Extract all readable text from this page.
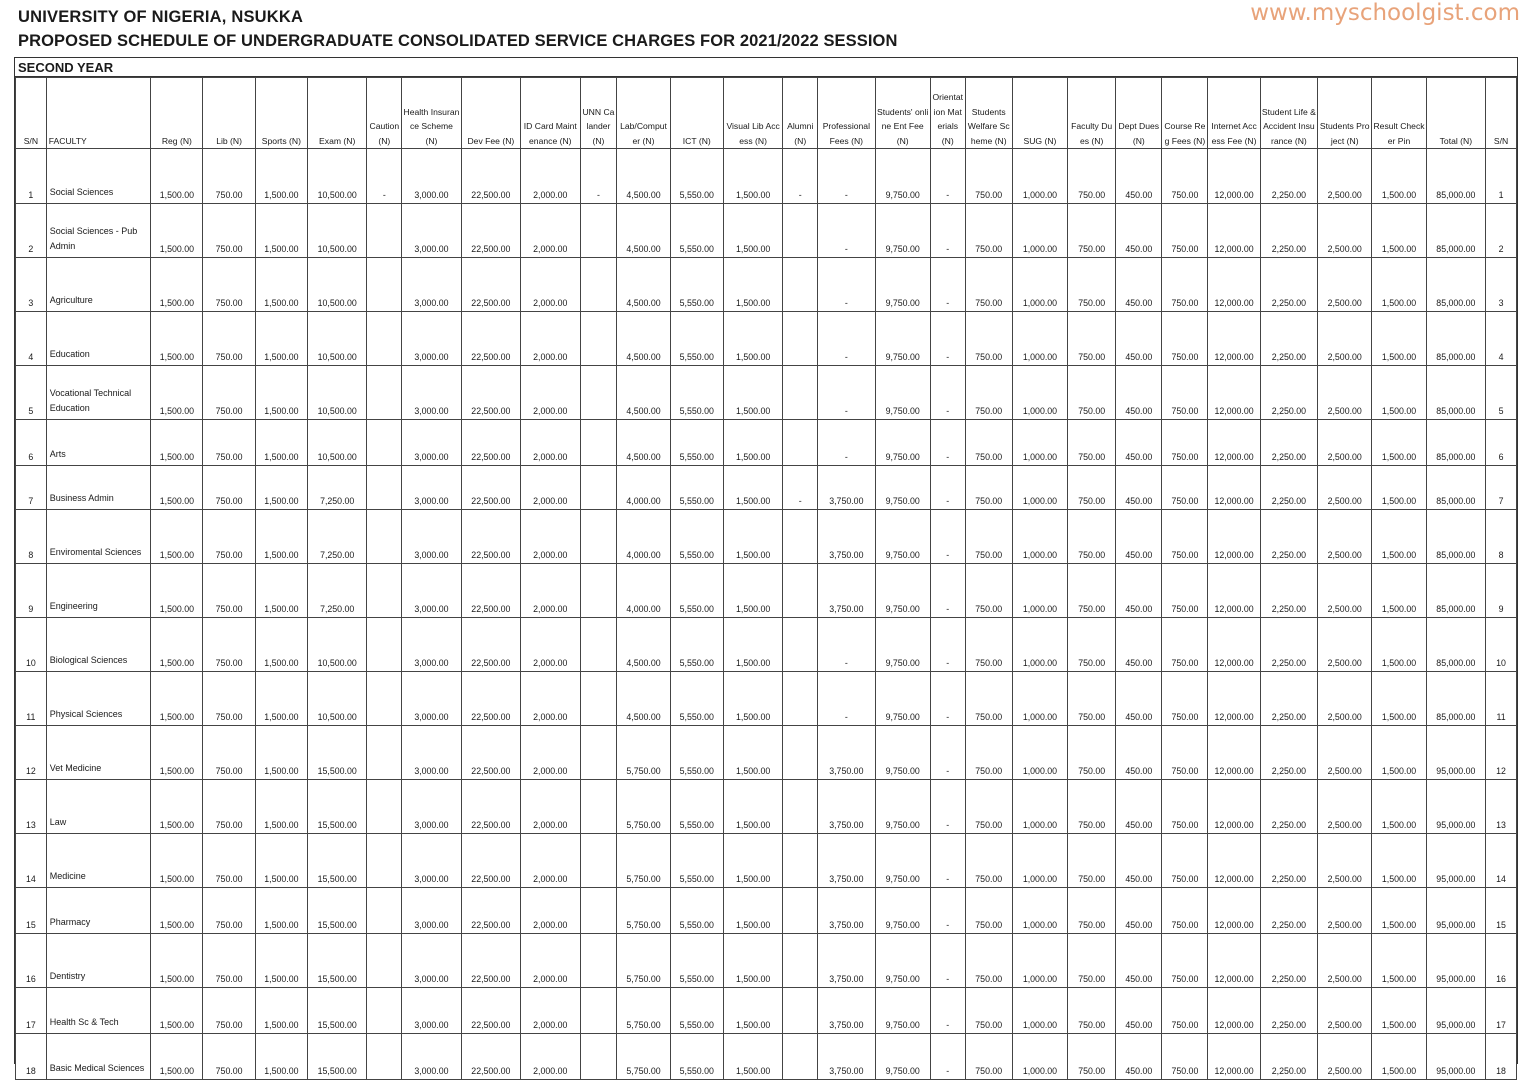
UNIVERSITY OF NIGERIA, NSUKKA
PROPOSED SCHEDULE OF UNDERGRADUATE CONSOLIDATED SERVICE CHARGES FOR 2021/2022 SESSION
www.myschoolgist.com
SECOND YEAR
S/N	FACULTY	Reg (N)	Lib (N)	Sports (N)	Exam (N)	Caution (N)	Health Insurance Scheme (N)	Dev Fee (N)	ID Card Maintenance (N)	UNN Calander (N)	Lab/Computer (N)	ICT (N)	Visual Lib Access (N)	Alumni (N)	Professional Fees (N)	Students' online Ent Fee (N)	Orientation Materials (N)	Students Welfare Scheme (N)	SUG (N)	Faculty Dues (N)	Dept Dues (N)	Course Reg Fees (N)	Internet Access Fee (N)	Student Life & Accident Insurance (N)	Students Project (N)	Result Checker Pin	Total (N)	S/N
1	Social Sciences	1,500.00	750.00	1,500.00	10,500.00	-	3,000.00	22,500.00	2,000.00	-	4,500.00	5,550.00	1,500.00	-	-	9,750.00	-	750.00	1,000.00	750.00	450.00	750.00	12,000.00	2,250.00	2,500.00	1,500.00	85,000.00	1
2	Social Sciences - Pub Admin	1,500.00	750.00	1,500.00	10,500.00		3,000.00	22,500.00	2,000.00		4,500.00	5,550.00	1,500.00		-	9,750.00	-	750.00	1,000.00	750.00	450.00	750.00	12,000.00	2,250.00	2,500.00	1,500.00	85,000.00	2
3	Agriculture	1,500.00	750.00	1,500.00	10,500.00		3,000.00	22,500.00	2,000.00		4,500.00	5,550.00	1,500.00		-	9,750.00	-	750.00	1,000.00	750.00	450.00	750.00	12,000.00	2,250.00	2,500.00	1,500.00	85,000.00	3
4	Education	1,500.00	750.00	1,500.00	10,500.00		3,000.00	22,500.00	2,000.00		4,500.00	5,550.00	1,500.00		-	9,750.00	-	750.00	1,000.00	750.00	450.00	750.00	12,000.00	2,250.00	2,500.00	1,500.00	85,000.00	4
5	Vocational Technical Education	1,500.00	750.00	1,500.00	10,500.00		3,000.00	22,500.00	2,000.00		4,500.00	5,550.00	1,500.00		-	9,750.00	-	750.00	1,000.00	750.00	450.00	750.00	12,000.00	2,250.00	2,500.00	1,500.00	85,000.00	5
6	Arts	1,500.00	750.00	1,500.00	10,500.00		3,000.00	22,500.00	2,000.00		4,500.00	5,550.00	1,500.00		-	9,750.00	-	750.00	1,000.00	750.00	450.00	750.00	12,000.00	2,250.00	2,500.00	1,500.00	85,000.00	6
7	Business Admin	1,500.00	750.00	1,500.00	7,250.00		3,000.00	22,500.00	2,000.00		4,000.00	5,550.00	1,500.00	-	3,750.00	9,750.00	-	750.00	1,000.00	750.00	450.00	750.00	12,000.00	2,250.00	2,500.00	1,500.00	85,000.00	7
8	Enviromental Sciences	1,500.00	750.00	1,500.00	7,250.00		3,000.00	22,500.00	2,000.00		4,000.00	5,550.00	1,500.00		3,750.00	9,750.00	-	750.00	1,000.00	750.00	450.00	750.00	12,000.00	2,250.00	2,500.00	1,500.00	85,000.00	8
9	Engineering	1,500.00	750.00	1,500.00	7,250.00		3,000.00	22,500.00	2,000.00		4,000.00	5,550.00	1,500.00		3,750.00	9,750.00	-	750.00	1,000.00	750.00	450.00	750.00	12,000.00	2,250.00	2,500.00	1,500.00	85,000.00	9
10	Biological Sciences	1,500.00	750.00	1,500.00	10,500.00		3,000.00	22,500.00	2,000.00		4,500.00	5,550.00	1,500.00		-	9,750.00	-	750.00	1,000.00	750.00	450.00	750.00	12,000.00	2,250.00	2,500.00	1,500.00	85,000.00	10
11	Physical Sciences	1,500.00	750.00	1,500.00	10,500.00		3,000.00	22,500.00	2,000.00		4,500.00	5,550.00	1,500.00		-	9,750.00	-	750.00	1,000.00	750.00	450.00	750.00	12,000.00	2,250.00	2,500.00	1,500.00	85,000.00	11
12	Vet Medicine	1,500.00	750.00	1,500.00	15,500.00		3,000.00	22,500.00	2,000.00		5,750.00	5,550.00	1,500.00		3,750.00	9,750.00	-	750.00	1,000.00	750.00	450.00	750.00	12,000.00	2,250.00	2,500.00	1,500.00	95,000.00	12
13	Law	1,500.00	750.00	1,500.00	15,500.00		3,000.00	22,500.00	2,000.00		5,750.00	5,550.00	1,500.00		3,750.00	9,750.00	-	750.00	1,000.00	750.00	450.00	750.00	12,000.00	2,250.00	2,500.00	1,500.00	95,000.00	13
14	Medicine	1,500.00	750.00	1,500.00	15,500.00		3,000.00	22,500.00	2,000.00		5,750.00	5,550.00	1,500.00		3,750.00	9,750.00	-	750.00	1,000.00	750.00	450.00	750.00	12,000.00	2,250.00	2,500.00	1,500.00	95,000.00	14
15	Pharmacy	1,500.00	750.00	1,500.00	15,500.00		3,000.00	22,500.00	2,000.00		5,750.00	5,550.00	1,500.00		3,750.00	9,750.00	-	750.00	1,000.00	750.00	450.00	750.00	12,000.00	2,250.00	2,500.00	1,500.00	95,000.00	15
16	Dentistry	1,500.00	750.00	1,500.00	15,500.00		3,000.00	22,500.00	2,000.00		5,750.00	5,550.00	1,500.00		3,750.00	9,750.00	-	750.00	1,000.00	750.00	450.00	750.00	12,000.00	2,250.00	2,500.00	1,500.00	95,000.00	16
17	Health Sc & Tech	1,500.00	750.00	1,500.00	15,500.00		3,000.00	22,500.00	2,000.00		5,750.00	5,550.00	1,500.00		3,750.00	9,750.00	-	750.00	1,000.00	750.00	450.00	750.00	12,000.00	2,250.00	2,500.00	1,500.00	95,000.00	17
18	Basic Medical Sciences	1,500.00	750.00	1,500.00	15,500.00		3,000.00	22,500.00	2,000.00		5,750.00	5,550.00	1,500.00		3,750.00	9,750.00	-	750.00	1,000.00	750.00	450.00	750.00	12,000.00	2,250.00	2,500.00	1,500.00	95,000.00	18
